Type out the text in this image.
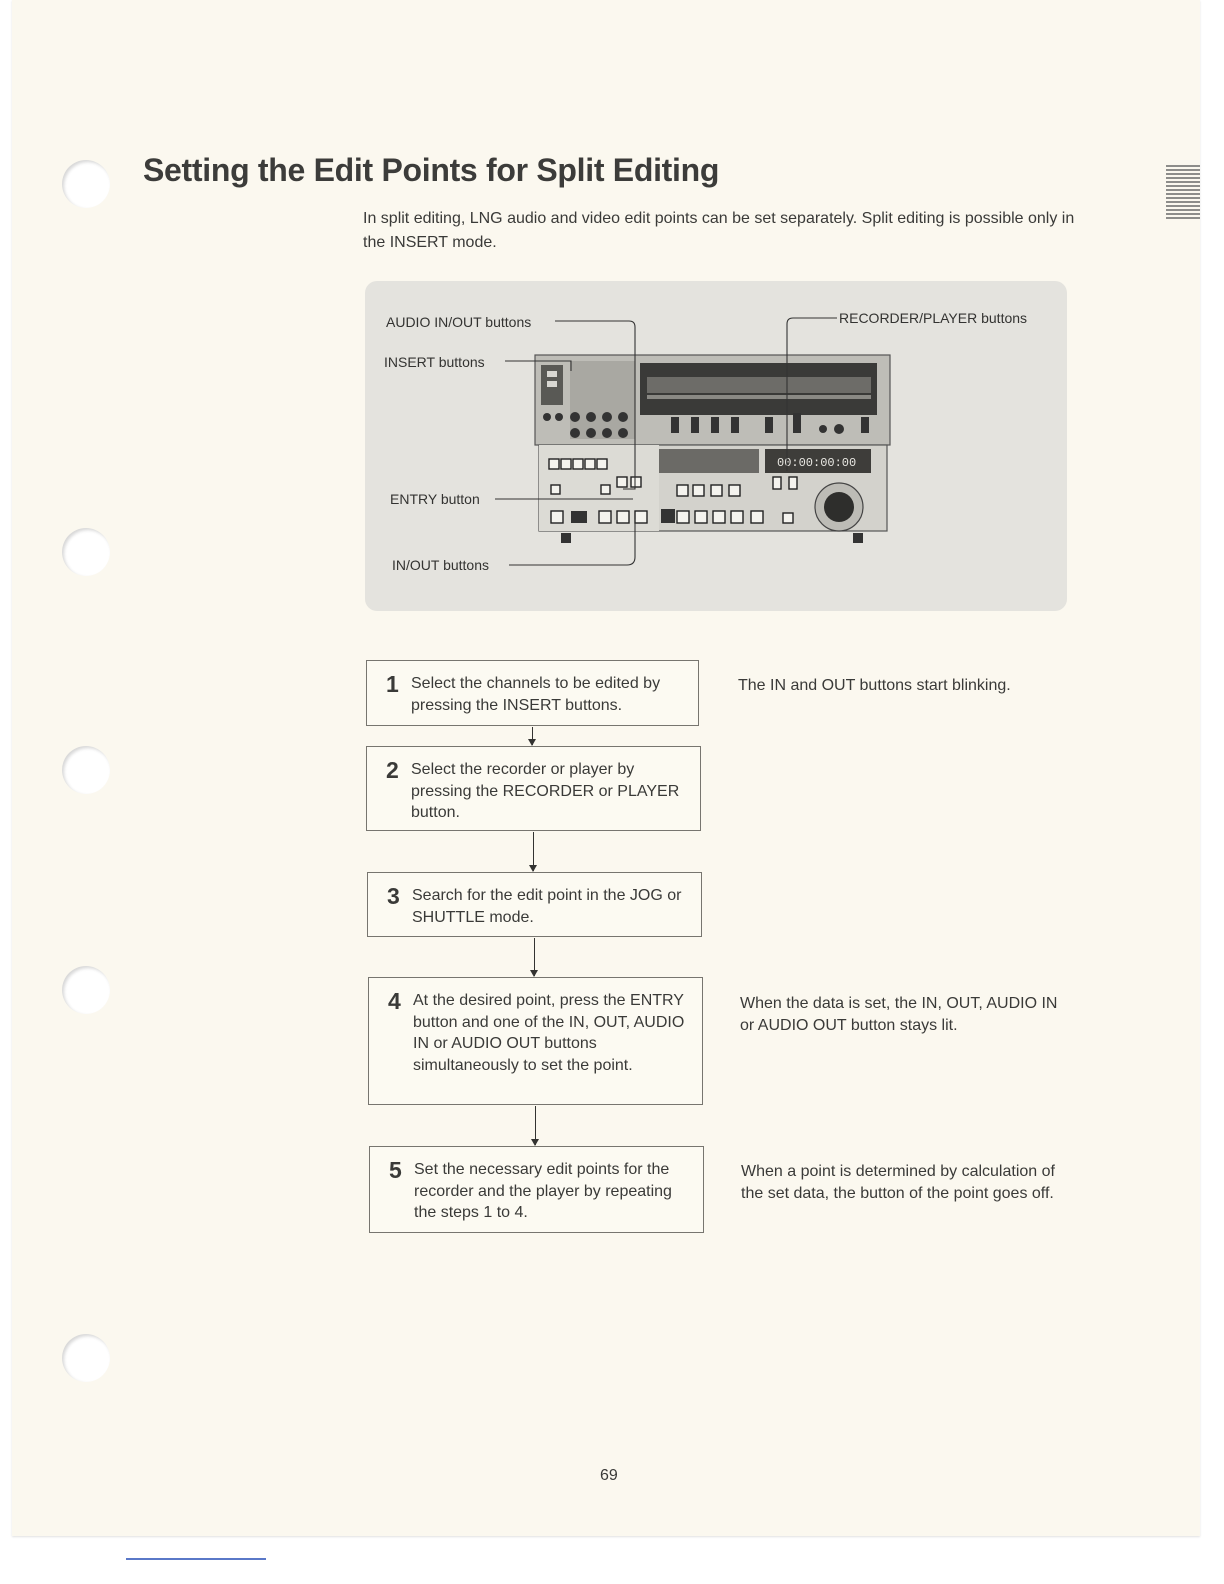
Setting the Edit Points for Split Editing

In split editing, LNG audio and video edit points can be set separately. Split editing is possible only in the INSERT mode.

00:00:00:00
AUDIO IN/OUT buttons
INSERT buttons
ENTRY button
IN/OUT buttons
RECORDER/PLAYER buttons
1 Select the channels to be edited by pressing the INSERT buttons.
2 Select the recorder or player by pressing the RECORDER or PLAYER button.
3 Search for the edit point in the JOG or SHUTTLE mode.
4 At the desired point, press the ENTRY button and one of the IN, OUT, AUDIO IN or AUDIO OUT buttons simultaneously to set the point.
5 Set the necessary edit points for the recorder and the player by repeating the steps 1 to 4.
The IN and OUT buttons start blinking.
When the data is set, the IN, OUT, AUDIO IN or AUDIO OUT button stays lit.
When a point is determined by calculation of the set data, the button of the point goes off.
69
